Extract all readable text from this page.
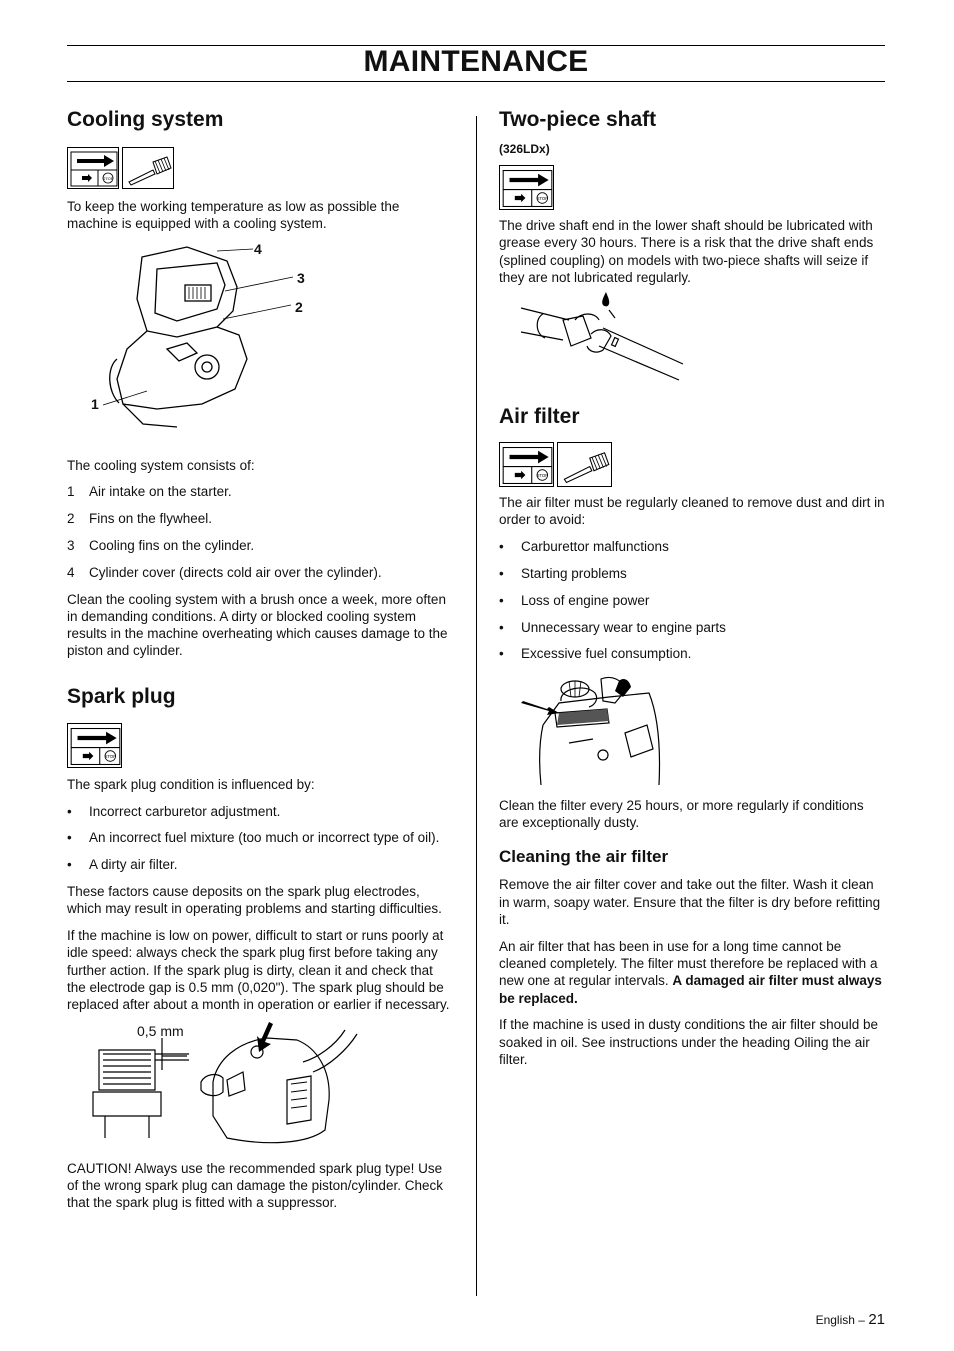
MAINTENANCE
Cooling system
STOP

To keep the working temperature as low as possible the machine is equipped with a cooling system.

4
3
2
1

The cooling system consists of:

1 Air intake on the starter.
2 Fins on the flywheel.
3 Cooling fins on the cylinder.
4 Cylinder cover (directs cold air over the cylinder).

Clean the cooling system with a brush once a week, more often in demanding conditions. A dirty or blocked cooling system results in the machine overheating which causes damage to the piston and cylinder.

Spark plug
STOP

The spark plug condition is influenced by:

• Incorrect carburetor adjustment.
• An incorrect fuel mixture (too much or incorrect type of oil).
• A dirty air filter.

These factors cause deposits on the spark plug electrodes, which may result in operating problems and starting difficulties.

If the machine is low on power, difficult to start or runs poorly at idle speed: always check the spark plug first before taking any further action. If the spark plug is dirty, clean it and check that the electrode gap is 0.5 mm (0,020"). The spark plug should be replaced after about a month in operation or earlier if necessary.

0,5 mm

CAUTION! Always use the recommended spark plug type! Use of the wrong spark plug can damage the piston/cylinder. Check that the spark plug is fitted with a suppressor.

Two-piece shaft
(326LDx)
STOP

The drive shaft end in the lower shaft should be lubricated with grease every 30 hours. There is a risk that the drive shaft ends (splined coupling) on models with two-piece shafts will seize if they are not lubricated regularly.

Air filter
STOP

The air filter must be regularly cleaned to remove dust and dirt in order to avoid:

• Carburettor malfunctions
• Starting problems
• Loss of engine power
• Unnecessary wear to engine parts
• Excessive fuel consumption.

Clean the filter every 25 hours, or more regularly if conditions are exceptionally dusty.

Cleaning the air filter

Remove the air filter cover and take out the filter. Wash it clean in warm, soapy water. Ensure that the filter is dry before refitting it.

An air filter that has been in use for a long time cannot be cleaned completely. The filter must therefore be replaced with a new one at regular intervals. A damaged air filter must always be replaced.

If the machine is used in dusty conditions the air filter should be soaked in oil. See instructions under the heading Oiling the air filter.

English – 21
